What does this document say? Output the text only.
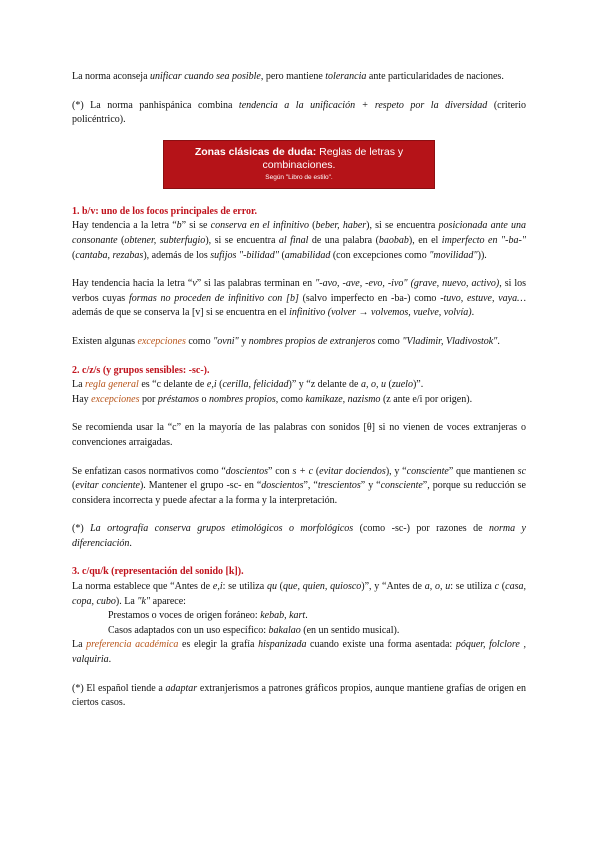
La norma aconseja unificar cuando sea posible, pero mantiene tolerancia ante particularidades de naciones.

(*) La norma panhispánica combina tendencia a la unificación + respeto por la diversidad (criterio policéntrico).

Zonas clásicas de duda: Reglas de letras y combinaciones.
Según "Libro de estilo".

1. b/v: uno de los focos principales de error.

Hay tendencia a la letra “b” si se conserva en el infinitivo (beber, haber), si se encuentra posicionada ante una consonante (obtener, subterfugio), si se encuentra al final de una palabra (baobab), en el imperfecto en "-ba-" (cantaba, rezabas), además de los sufijos "-bilidad" (amabilidad (con excepciones como "movilidad")).

Hay tendencia hacia la letra “v” si las palabras terminan en "-avo, -ave, -evo, -ivo" (grave, nuevo, activo), si los verbos cuyas formas no proceden de infinitivo con [b] (salvo imperfecto en -ba-) como -tuvo, estuve, vaya… además de que se conserva la [v] si se encuentra en el infinitivo (volver → volvemos, vuelve, volvía).

Existen algunas excepciones como "ovni" y nombres propios de extranjeros como "Vladimir, Vladivostok".

2. c/z/s (y grupos sensibles: -sc-).

La regla general es “c delante de e,i (cerilla, felicidad)” y “z delante de a, o, u (zuelo)”.

Hay excepciones por préstamos o nombres propios, como kamikaze, nazismo (z ante e/i por origen).

Se recomienda usar la “c” en la mayoría de las palabras con sonidos [θ] si no vienen de voces extranjeras o convenciones arraigadas.

Se enfatizan casos normativos como “doscientos” con s + c (evitar dociendos), y “consciente” que mantienen sc (evitar conciente). Mantener el grupo -sc- en “doscientos”, “trescientos” y “consciente”, porque su reducción se considera incorrecta y puede afectar a la forma y la interpretación.

(*) La ortografía conserva grupos etimológicos o morfológicos (como -sc-) por razones de norma y diferenciación.

3. c/qu/k (representación del sonido [k]).

La norma establece que “Antes de e,i: se utiliza qu (que, quien, quiosco)”, y “Antes de a, o, u: se utiliza c (casa, copa, cubo). La "k" aparece:

Prestamos o voces de origen foráneo: kebab, kart.

Casos adaptados con un uso específico: bakalao (en un sentido musical).

La preferencia académica es elegir la grafía hispanizada cuando existe una forma asentada: póquer, folclore , valquiria.

(*) El español tiende a adaptar extranjerismos a patrones gráficos propios, aunque mantiene grafías de origen en ciertos casos.
